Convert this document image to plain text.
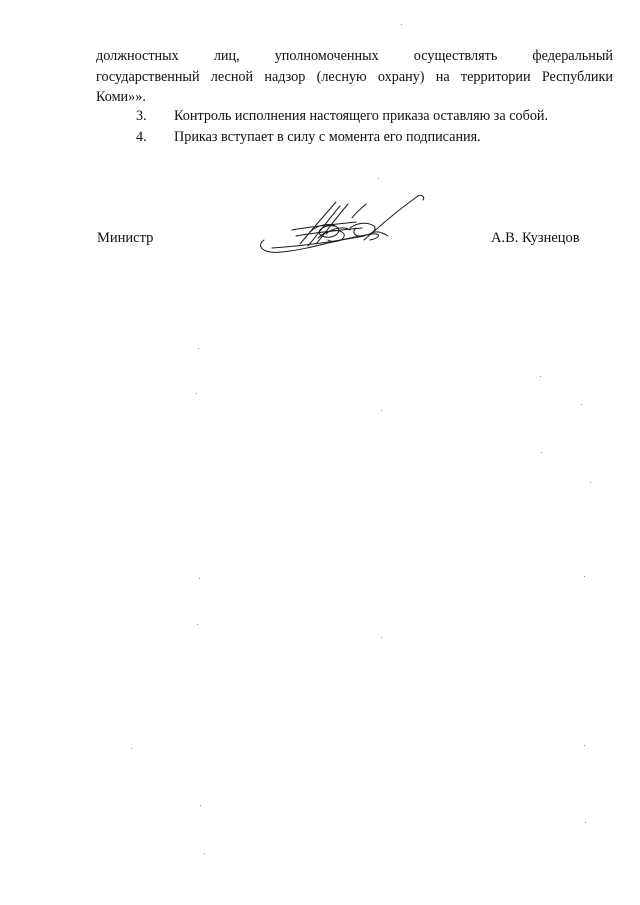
должностных лиц, уполномоченных осуществлять федеральный
государственный лесной надзор (лесную охрану) на территории Республики
Коми»».
3. Контроль исполнения настоящего приказа оставляю за собой.
4. Приказ вступает в силу с момента его подписания.
Министр	А.В. Кузнецов
